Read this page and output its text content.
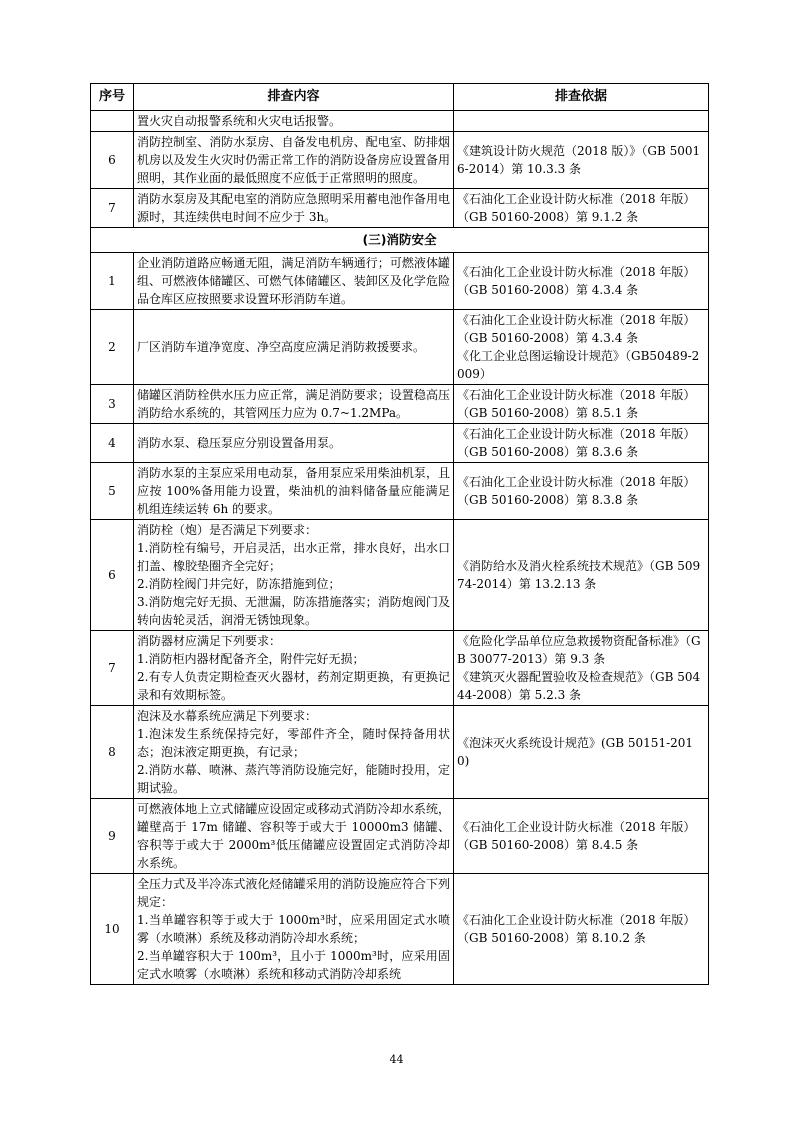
序号	排查内容	排查依据

	置火灾自动报警系统和火灾电话报警。	

6	消防控制室、消防水泵房、自备发电机房、配电室、防排烟机房以及发生火灾时仍需正常工作的消防设备房应设置备用照明，其作业面的最低照度不应低于正常照明的照度。	《建筑设计防火规范（2018 版）》（GB 50016-2014）第 10.3.3 条

7	消防水泵房及其配电室的消防应急照明采用蓄电池作备用电源时，其连续供电时间不应少于 3h。	《石油化工企业设计防火标准（2018 年版）（GB 50160-2008）第 9.1.2 条

(三)消防安全		
1	企业消防道路应畅通无阻，满足消防车辆通行；可燃液体罐组、可燃液体储罐区、可燃气体储罐区、装卸区及化学危险品仓库区应按照要求设置环形消防车道。	《石油化工企业设计防火标准（2018 年版）（GB 50160-2008）第 4.3.4 条

2	厂区消防车道净宽度、净空高度应满足消防救援要求。	《石油化工企业设计防火标准（2018 年版）（GB 50160-2008）第 4.3.4 条
《化工企业总图运输设计规范》（GB50489-2009）

3	储罐区消防栓供水压力应正常，满足消防要求；设置稳高压消防给水系统的，其管网压力应为 0.7~1.2MPa。	《石油化工企业设计防火标准（2018 年版）（GB 50160-2008）第 8.5.1 条

4	消防水泵、稳压泵应分别设置备用泵。	《石油化工企业设计防火标准（2018 年版）（GB 50160-2008）第 8.3.6 条

5	消防水泵的主泵应采用电动泵，备用泵应采用柴油机泵，且应按 100%备用能力设置，柴油机的油料储备量应能满足机组连续运转 6h 的要求。	《石油化工企业设计防火标准（2018 年版）（GB 50160-2008）第 8.3.8 条

6	消防栓（炮）是否满足下列要求：
1.消防栓有编号，开启灵活，出水正常，排水良好，出水口扪盖、橡胶垫圈齐全完好；
2.消防栓阀门井完好，防冻措施到位；
3.消防炮完好无损、无泄漏，防冻措施落实；消防炮阀门及转向齿轮灵活，润滑无锈蚀现象。	《消防给水及消火栓系统技术规范》（GB 50974-2014）第 13.2.13 条

7	消防器材应满足下列要求：
1.消防柜内器材配备齐全，附件完好无损；
2.有专人负责定期检查灭火器材，药剂定期更换，有更换记录和有效期标签。	《危险化学品单位应急救援物资配备标准》（GB 30077-2013）第 9.3 条
《建筑灭火器配置验收及检查规范》（GB 50444-2008）第 5.2.3 条

8	泡沫及水幕系统应满足下列要求：
1.泡沫发生系统保持完好，零部件齐全，随时保持备用状态；泡沫液定期更换，有记录；
2.消防水幕、喷淋、蒸汽等消防设施完好，能随时投用，定期试验。	《泡沫灭火系统设计规范》(GB 50151-2010)

9	可燃液体地上立式储罐应设固定或移动式消防冷却水系统，罐壁高于 17m 储罐、容积等于或大于 10000m3 储罐、容积等于或大于 2000m³低压储罐应设置固定式消防冷却水系统。	《石油化工企业设计防火标准（2018 年版）（GB 50160-2008）第 8.4.5 条

10	全压力式及半冷冻式液化烃储罐采用的消防设施应符合下列规定：
1.当单罐容积等于或大于 1000m³时，应采用固定式水喷雾（水喷淋）系统及移动消防冷却水系统；
2.当单罐容积大于 100m³，且小于 1000m³时，应采用固定式水喷雾（水喷淋）系统和移动式消防冷却系统	《石油化工企业设计防火标准（2018 年版）（GB 50160-2008）第 8.10.2 条
44
